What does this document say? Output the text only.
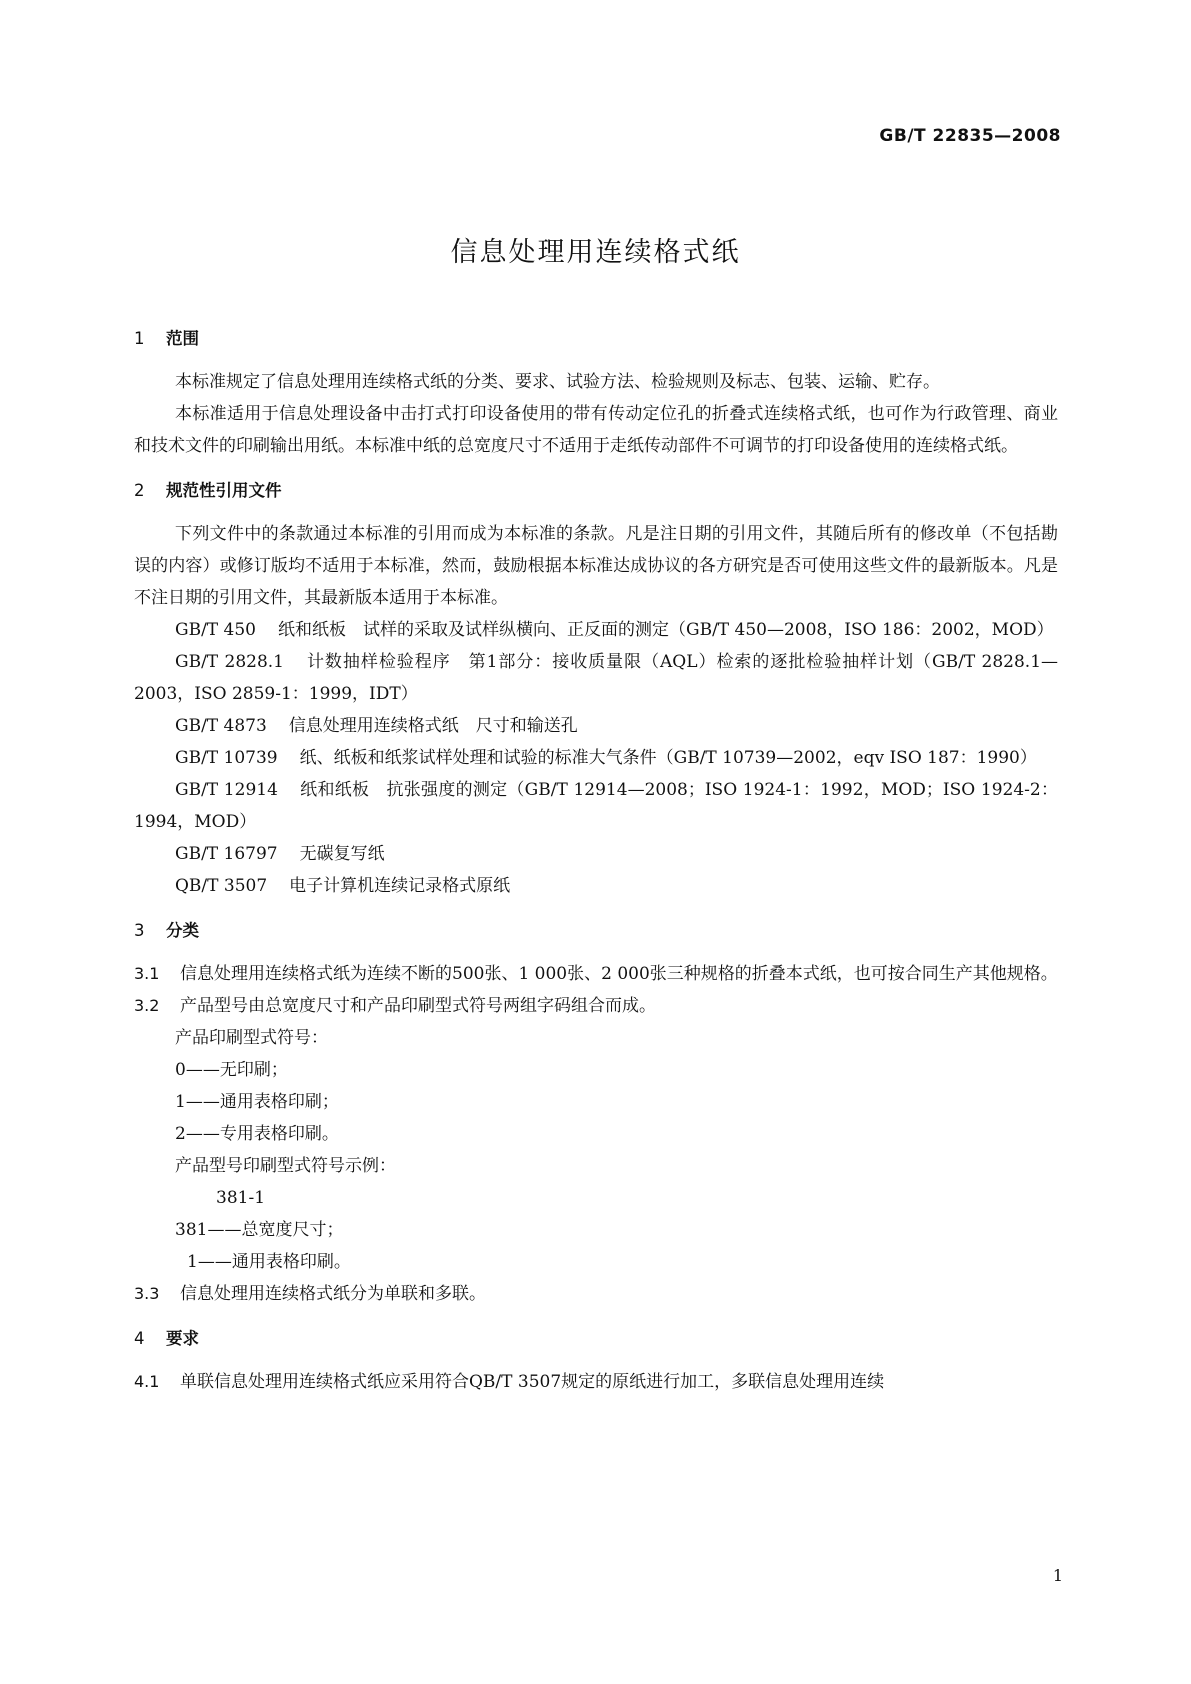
GB/T 22835—2008
信息处理用连续格式纸
1 范围

本标准规定了信息处理用连续格式纸的分类、要求、试验方法、检验规则及标志、包装、运输、贮存。

本标准适用于信息处理设备中击打式打印设备使用的带有传动定位孔的折叠式连续格式纸，也可作为行政管理、商业和技术文件的印刷输出用纸。本标准中纸的总宽度尺寸不适用于走纸传动部件不可调节的打印设备使用的连续格式纸。

2 规范性引用文件

下列文件中的条款通过本标准的引用而成为本标准的条款。凡是注日期的引用文件，其随后所有的修改单（不包括勘误的内容）或修订版均不适用于本标准，然而，鼓励根据本标准达成协议的各方研究是否可使用这些文件的最新版本。凡是不注日期的引用文件，其最新版本适用于本标准。

GB/T 450 纸和纸板　试样的采取及试样纵横向、正反面的测定（GB/T 450—2008，ISO 186：2002，MOD）

GB/T 2828.1 计数抽样检验程序　第1部分：接收质量限（AQL）检索的逐批检验抽样计划（GB/T 2828.1—2003，ISO 2859-1：1999，IDT）

GB/T 4873 信息处理用连续格式纸　尺寸和输送孔

GB/T 10739 纸、纸板和纸浆试样处理和试验的标准大气条件（GB/T 10739—2002，eqv ISO 187：1990）

GB/T 12914 纸和纸板　抗张强度的测定（GB/T 12914—2008；ISO 1924-1：1992，MOD；ISO 1924-2：1994，MOD）

GB/T 16797 无碳复写纸

QB/T 3507 电子计算机连续记录格式原纸

3 分类

3.1 信息处理用连续格式纸为连续不断的500张、1 000张、2 000张三种规格的折叠本式纸，也可按合同生产其他规格。

3.2 产品型号由总宽度尺寸和产品印刷型式符号两组字码组合而成。

产品印刷型式符号：

0——无印刷；

1——通用表格印刷；

2——专用表格印刷。

产品型号印刷型式符号示例：

381-1

381——总宽度尺寸；

1——通用表格印刷。

3.3 信息处理用连续格式纸分为单联和多联。

4 要求

4.1 单联信息处理用连续格式纸应采用符合QB/T 3507规定的原纸进行加工，多联信息处理用连续

1
